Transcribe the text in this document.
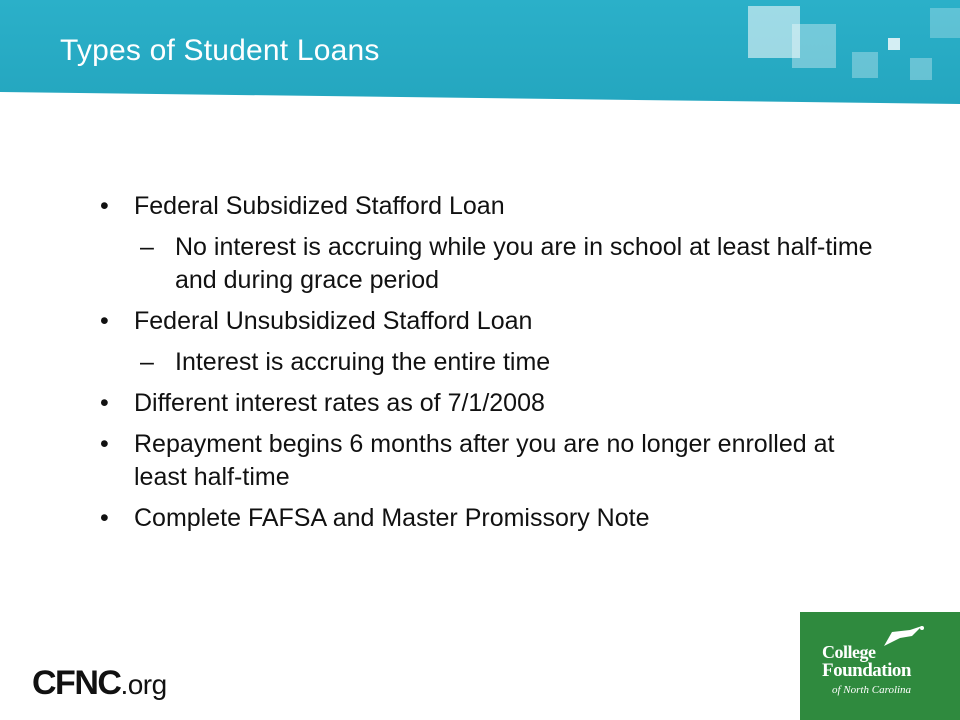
Types of Student Loans
• Federal Subsidized Stafford Loan
– No interest is accruing while you are in school at least half-time and during grace period
• Federal Unsubsidized Stafford Loan
– Interest is accruing the entire time
• Different interest rates as of 7/1/2008
• Repayment begins 6 months after you are no longer enrolled at least half-time
• Complete FAFSA and Master Promissory Note
CFNC.org
College
Foundation
of North Carolina
